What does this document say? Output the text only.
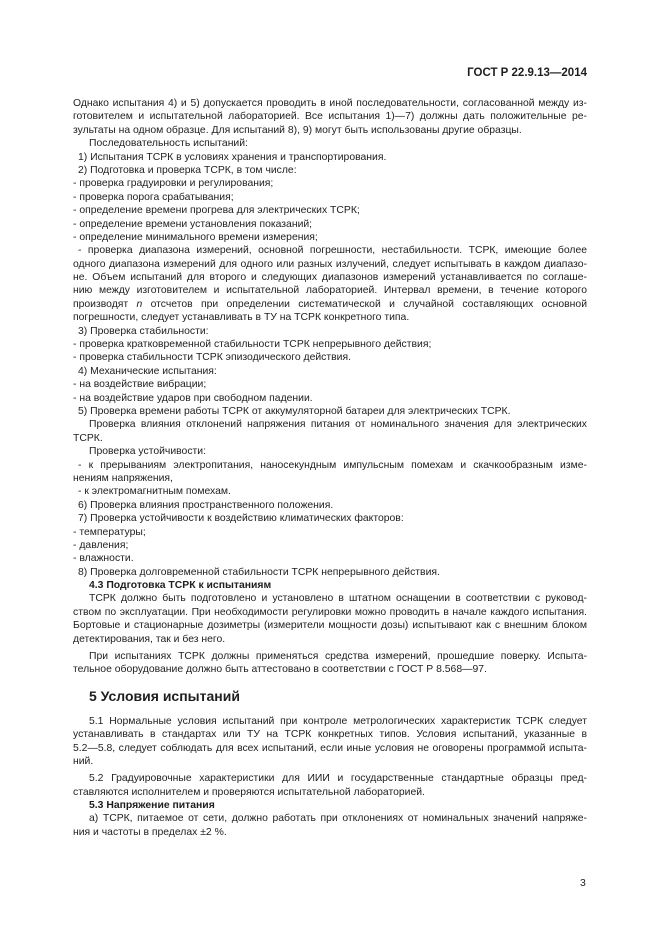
ГОСТ Р 22.9.13—2014
Однако испытания 4) и 5) допускается проводить в иной последовательности, согласованной между из-
готовителем и испытательной лабораторией. Все испытания 1)—7) должны дать положительные ре-
зультаты на одном образце. Для испытаний 8), 9) могут быть использованы другие образцы.
Последовательность испытаний:
1) Испытания ТСРК в условиях хранения и транспортирования.
2) Подготовка и проверка ТСРК, в том числе:
- проверка градуировки и регулирования;
- проверка порога срабатывания;
- определение времени прогрева для электрических ТСРК;
- определение времени установления показаний;
- определение минимального времени измерения;
- проверка диапазона измерений, основной погрешности, нестабильности. ТСРК, имеющие более
одного диапазона измерений для одного или разных излучений, следует испытывать в каждом диапазо-
не. Объем испытаний для второго и следующих диапазонов измерений устанавливается по соглаше-
нию между изготовителем и испытательной лабораторией. Интервал времени, в течение которого
производят n отсчетов при определении систематической и случайной составляющих основной
погрешности, следует устанавливать в ТУ на ТСРК конкретного типа.
3) Проверка стабильности:
- проверка кратковременной стабильности ТСРК непрерывного действия;
- проверка стабильности ТСРК эпизодического действия.
4) Механические испытания:
- на воздействие вибрации;
- на воздействие ударов при свободном падении.
5) Проверка времени работы ТСРК от аккумуляторной батареи для электрических ТСРК.
Проверка влияния отклонений напряжения питания от номинального значения для электрических
ТСРК.
Проверка устойчивости:
- к прерываниям электропитания, наносекундным импульсным помехам и скачкообразным изме-
нениям напряжения,
- к электромагнитным помехам.
6) Проверка влияния пространственного положения.
7) Проверка устойчивости к воздействию климатических факторов:
- температуры;
- давления;
- влажности.
8) Проверка долговременной стабильности ТСРК непрерывного действия.
4.3 Подготовка ТСРК к испытаниям
ТСРК должно быть подготовлено и установлено в штатном оснащении в соответствии с руковод-
ством по эксплуатации. При необходимости регулировки можно проводить в начале каждого испытания.
Бортовые и стационарные дозиметры (измерители мощности дозы) испытывают как с внешним блоком
детектирования, так и без него.
При испытаниях ТСРК должны применяться средства измерений, прошедшие поверку. Испыта-
тельное оборудование должно быть аттестовано в соответствии с ГОСТ Р 8.568—97.
5 Условия испытаний
5.1 Нормальные условия испытаний при контроле метрологических характеристик ТСРК следует
устанавливать в стандартах или ТУ на ТСРК конкретных типов. Условия испытаний, указанные в
5.2—5.8, следует соблюдать для всех испытаний, если иные условия не оговорены программой испыта-
ний.
5.2 Градуировочные характеристики для ИИИ и государственные стандартные образцы пред-
ставляются исполнителем и проверяются испытательной лабораторией.
5.3 Напряжение питания
а) ТСРК, питаемое от сети, должно работать при отклонениях от номинальных значений напряже-
ния и частоты в пределах ±2 %.
3
